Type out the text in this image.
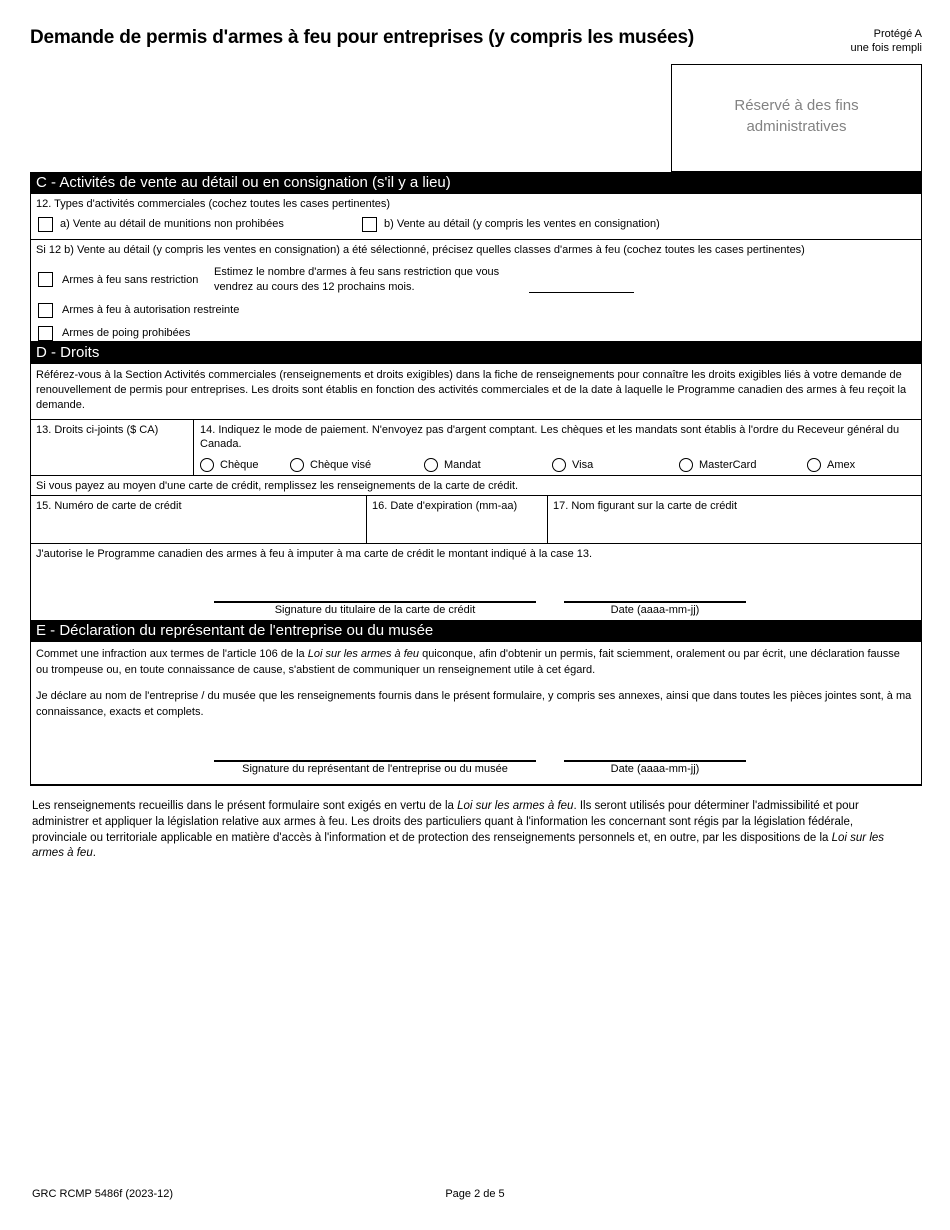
Demande de permis d'armes à feu pour entreprises (y compris les musées)	Protégé A
une fois rempli
Réservé à des fins administratives
C - Activités de vente au détail ou en consignation (s'il y a lieu)
12. Types d'activités commerciales (cochez toutes les cases pertinentes)
a) Vente au détail de munitions non prohibées	b) Vente au détail (y compris les ventes en consignation)
Si 12 b) Vente au détail (y compris les ventes en consignation) a été sélectionné, précisez quelles classes d'armes à feu (cochez toutes les cases pertinentes)
Armes à feu sans restriction
Estimez le nombre d'armes à feu sans restriction que vous vendrez au cours des 12 prochains mois.
Armes à feu à autorisation restreinte
Armes de poing prohibées
D - Droits

Référez-vous à la Section Activités commerciales (renseignements et droits exigibles) dans la fiche de renseignements pour connaître les droits exigibles liés à votre demande de renouvellement de permis pour entreprises. Les droits sont établis en fonction des activités commerciales et de la date à laquelle le Programme canadien des armes à feu reçoit la demande.

13. Droits ci-joints ($ CA)	14. Indiquez le mode de paiement. N'envoyez pas d'argent comptant. Les chèques et les mandats sont établis à l'ordre du Receveur général du Canada.
Chèque	Chèque visé	Mandat	Visa	MasterCard	Amex
Si vous payez au moyen d'une carte de crédit, remplissez les renseignements de la carte de crédit.
15. Numéro de carte de crédit	16. Date d'expiration (mm-aa)	17. Nom figurant sur la carte de crédit
J'autorise le Programme canadien des armes à feu à imputer à ma carte de crédit le montant indiqué à la case 13.
Signature du titulaire de la carte de crédit	Date (aaaa-mm-jj)
E - Déclaration du représentant de l'entreprise ou du musée

Commet une infraction aux termes de l'article 106 de la Loi sur les armes à feu quiconque, afin d'obtenir un permis, fait sciemment, oralement ou par écrit, une déclaration fausse ou trompeuse ou, en toute connaissance de cause, s'abstient de communiquer un renseignement utile à cet égard.

Je déclare au nom de l'entreprise / du musée que les renseignements fournis dans le présent formulaire, y compris ses annexes, ainsi que dans toutes les pièces jointes sont, à ma connaissance, exacts et complets.

Signature du représentant de l'entreprise ou du musée	Date (aaaa-mm-jj)

Les renseignements recueillis dans le présent formulaire sont exigés en vertu de la Loi sur les armes à feu. Ils seront utilisés pour déterminer l'admissibilité et pour administrer et appliquer la législation relative aux armes à feu. Les droits des particuliers quant à l'information les concernant sont régis par la législation fédérale, provinciale ou territoriale applicable en matière d'accès à l'information et de protection des renseignements personnels et, en outre, par les dispositions de la Loi sur les armes à feu.

GRC RCMP 5486f (2023-12)	Page 2 de 5
